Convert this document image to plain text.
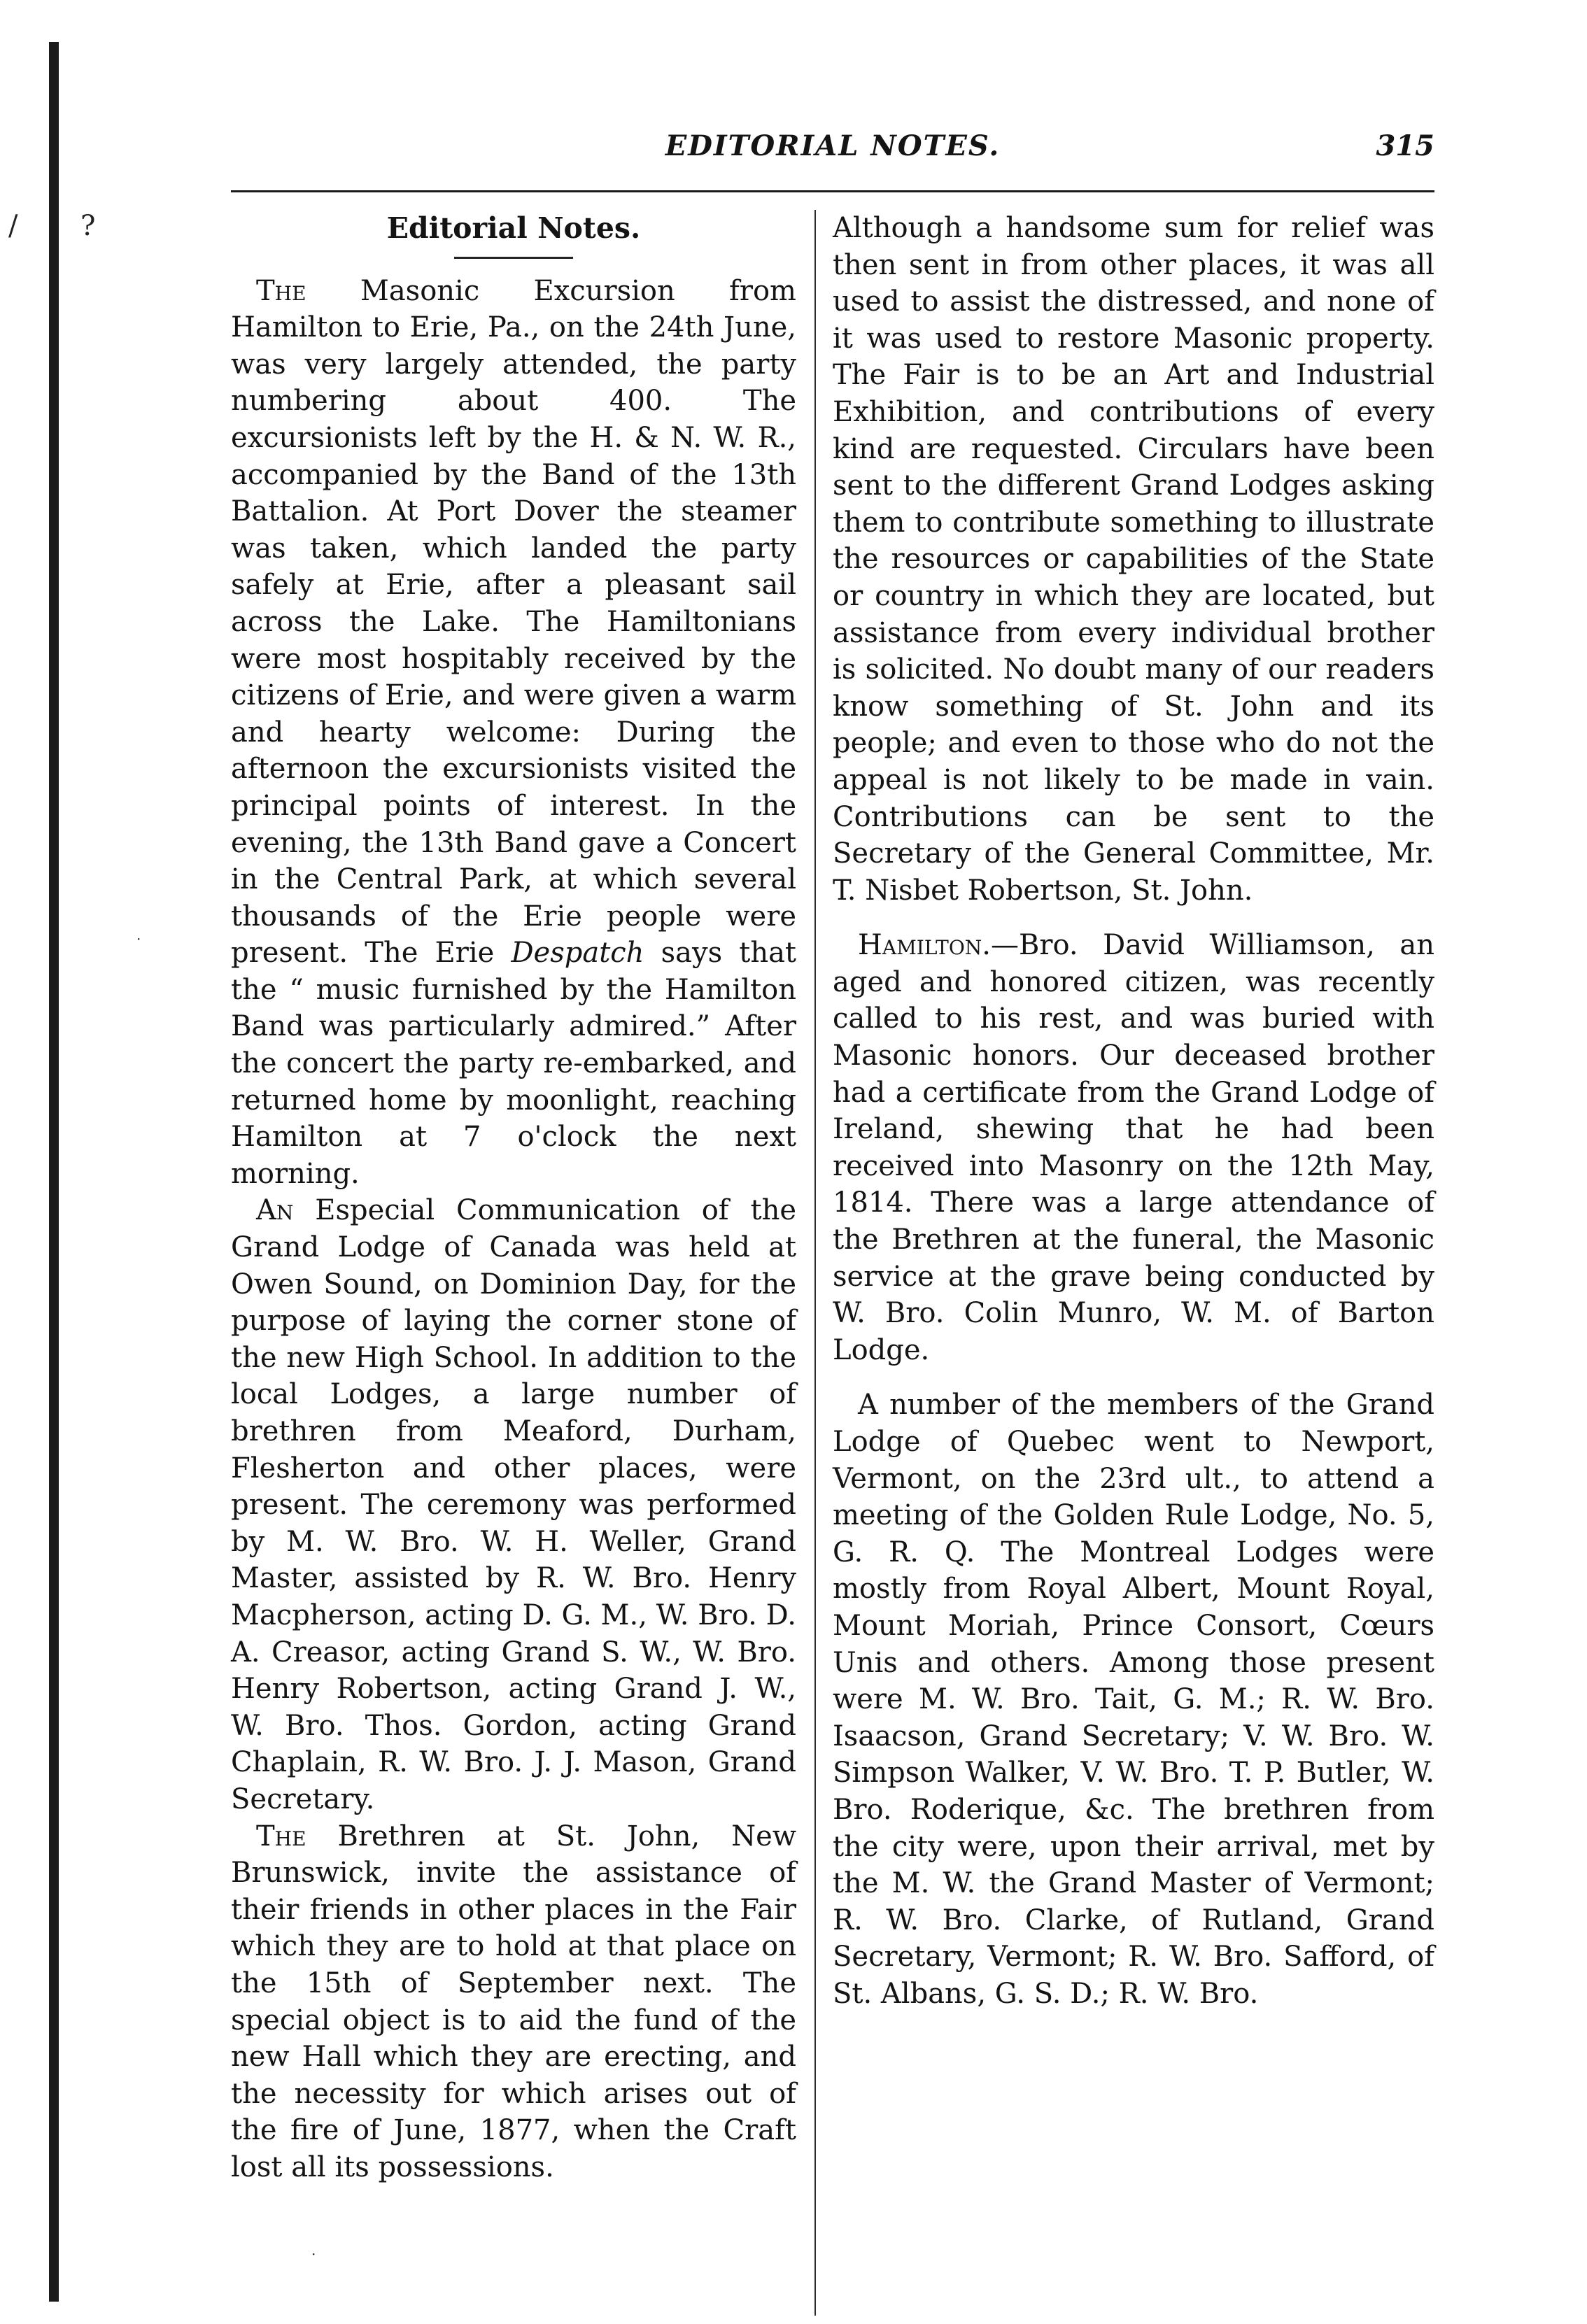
/ ?
·
·
EDITORIAL NOTES.	315
Editorial Notes.

The Masonic Excursion from Hamilton to Erie, Pa., on the 24th June, was very largely attended, the party numbering about 400. The excursionists left by the H. & N. W. R., accompanied by the Band of the 13th Battalion. At Port Dover the steamer was taken, which landed the party safely at Erie, after a pleasant sail across the Lake. The Hamiltonians were most hospitably received by the citizens of Erie, and were given a warm and hearty welcome: During the afternoon the excursionists visited the principal points of interest. In the evening, the 13th Band gave a Concert in the Central Park, at which several thousands of the Erie people were present. The Erie Despatch says that the “ music furnished by the Hamilton Band was particularly admired.” After the concert the party re-embarked, and returned home by moonlight, reaching Hamilton at 7 o'clock the next morning.

An Especial Communication of the Grand Lodge of Canada was held at Owen Sound, on Dominion Day, for the purpose of laying the corner stone of the new High School. In addition to the local Lodges, a large number of brethren from Meaford, Durham, Flesherton and other places, were present. The ceremony was performed by M. W. Bro. W. H. Weller, Grand Master, assisted by R. W. Bro. Henry Macpherson, acting D. G. M., W. Bro. D. A. Creasor, acting Grand S. W., W. Bro. Henry Robertson, acting Grand J. W., W. Bro. Thos. Gordon, acting Grand Chaplain, R. W. Bro. J. J. Mason, Grand Secretary.

The Brethren at St. John, New Brunswick, invite the assistance of their friends in other places in the Fair which they are to hold at that place on the 15th of September next. The special object is to aid the fund of the new Hall which they are erecting, and the necessity for which arises out of the fire of June, 1877, when the Craft lost all its possessions.

Although a handsome sum for relief was then sent in from other places, it was all used to assist the distressed, and none of it was used to restore Masonic property. The Fair is to be an Art and Industrial Exhibition, and contributions of every kind are requested. Circulars have been sent to the different Grand Lodges asking them to contribute something to illustrate the resources or capabilities of the State or country in which they are located, but assistance from every individual brother is solicited. No doubt many of our readers know something of St. John and its people; and even to those who do not the appeal is not likely to be made in vain. Contributions can be sent to the Secretary of the General Committee, Mr. T. Nisbet Robertson, St. John.

Hamilton.—Bro. David Williamson, an aged and honored citizen, was recently called to his rest, and was buried with Masonic honors. Our deceased brother had a certificate from the Grand Lodge of Ireland, shewing that he had been received into Masonry on the 12th May, 1814. There was a large attendance of the Brethren at the funeral, the Masonic service at the grave being conducted by W. Bro. Colin Munro, W. M. of Barton Lodge.

A number of the members of the Grand Lodge of Quebec went to Newport, Vermont, on the 23rd ult., to attend a meeting of the Golden Rule Lodge, No. 5, G. R. Q. The Montreal Lodges were mostly from Royal Albert, Mount Royal, Mount Moriah, Prince Consort, Cœurs Unis and others. Among those present were M. W. Bro. Tait, G. M.; R. W. Bro. Isaacson, Grand Secretary; V. W. Bro. W. Simpson Walker, V. W. Bro. T. P. Butler, W. Bro. Roderique, &c. The brethren from the city were, upon their arrival, met by the M. W. the Grand Master of Vermont; R. W. Bro. Clarke, of Rutland, Grand Secretary, Vermont; R. W. Bro. Safford, of St. Albans, G. S. D.; R. W. Bro.
